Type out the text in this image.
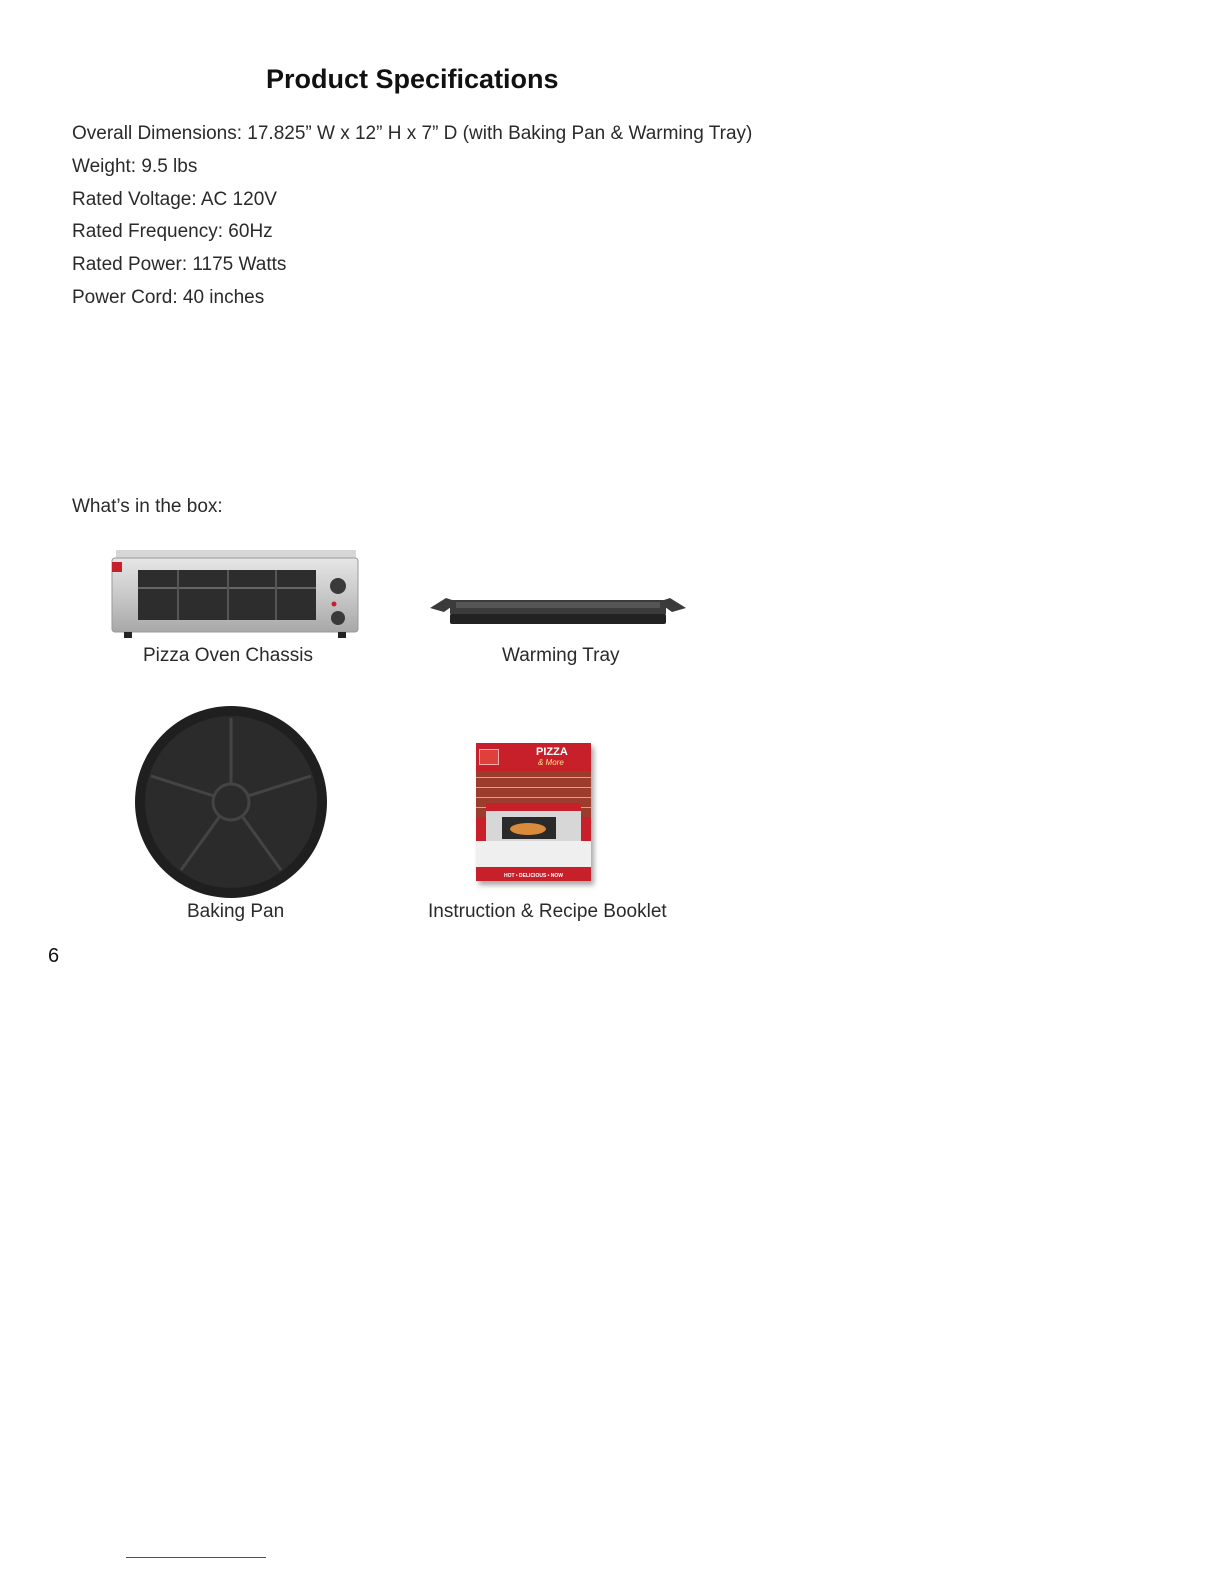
Product Specifications
Overall Dimensions: 17.825” W x 12” H x 7” D (with Baking Pan & Warming Tray)
Weight: 9.5 lbs
Rated Voltage: AC 120V
Rated Frequency: 60Hz
Rated Power: 1175 Watts
Power Cord: 40 inches
What’s in the box:
Pizza Oven Chassis	Warming Tray
Baking Pan
PIZZA
& More
HOT • DELICIOUS • NOW
Instruction & Recipe Booklet
6
